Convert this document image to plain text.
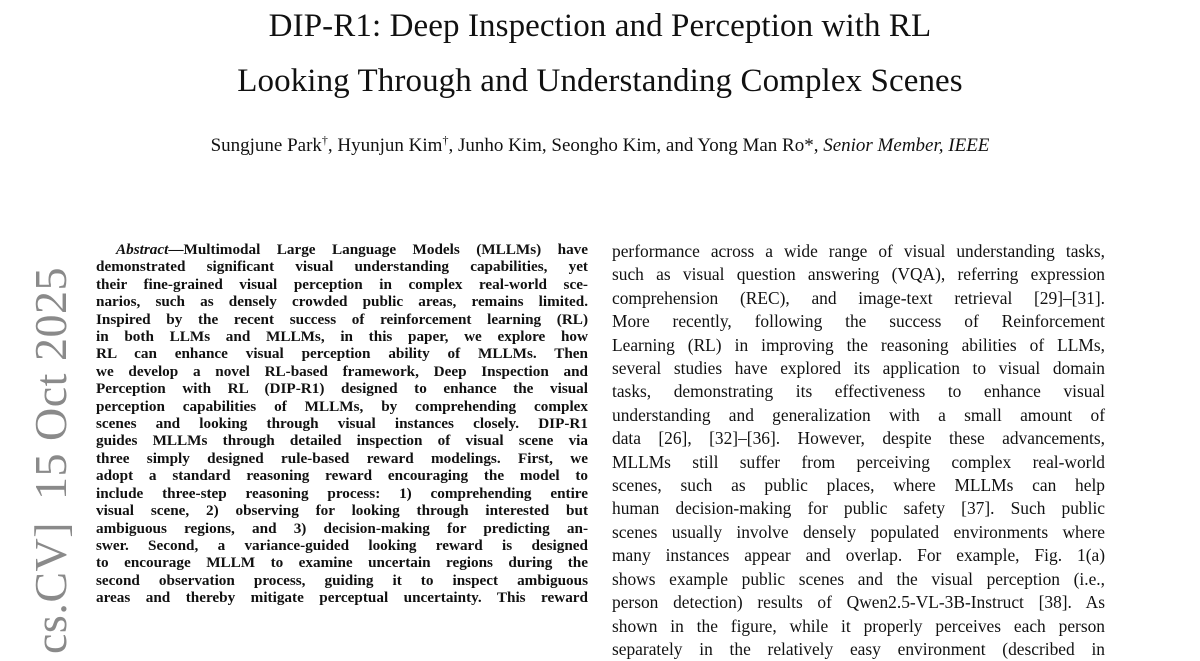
DIP-R1: Deep Inspection and Perception with RL
Looking Through and Understanding Complex Scenes
Sungjune Park†, Hyunjun Kim†, Junho Kim, Seongho Kim, and Yong Man Ro*, Senior Member, IEEE
cs.CV]15 Oct 2025
Abstract—Multimodal Large Language Models (MLLMs) have
demonstrated significant visual understanding capabilities, yet
their fine-grained visual perception in complex real-world sce-
narios, such as densely crowded public areas, remains limited.
Inspired by the recent success of reinforcement learning (RL)
in both LLMs and MLLMs, in this paper, we explore how
RL can enhance visual perception ability of MLLMs. Then
we develop a novel RL-based framework, Deep Inspection and
Perception with RL (DIP-R1) designed to enhance the visual
perception capabilities of MLLMs, by comprehending complex
scenes and looking through visual instances closely. DIP-R1
guides MLLMs through detailed inspection of visual scene via
three simply designed rule-based reward modelings. First, we
adopt a standard reasoning reward encouraging the model to
include three-step reasoning process: 1) comprehending entire
visual scene, 2) observing for looking through interested but
ambiguous regions, and 3) decision-making for predicting an-
swer. Second, a variance-guided looking reward is designed
to encourage MLLM to examine uncertain regions during the
second observation process, guiding it to inspect ambiguous
areas and thereby mitigate perceptual uncertainty. This reward
performance across a wide range of visual understanding tasks,
such as visual question answering (VQA), referring expression
comprehension (REC), and image-text retrieval [29]–[31].
More recently, following the success of Reinforcement
Learning (RL) in improving the reasoning abilities of LLMs,
several studies have explored its application to visual domain
tasks, demonstrating its effectiveness to enhance visual
understanding and generalization with a small amount of
data [26], [32]–[36]. However, despite these advancements,
MLLMs still suffer from perceiving complex real-world
scenes, such as public places, where MLLMs can help
human decision-making for public safety [37]. Such public
scenes usually involve densely populated environments where
many instances appear and overlap. For example, Fig. 1(a)
shows example public scenes and the visual perception (i.e.,
person detection) results of Qwen2.5-VL-3B-Instruct [38]. As
shown in the figure, while it properly perceives each person
separately in the relatively easy environment (described in
